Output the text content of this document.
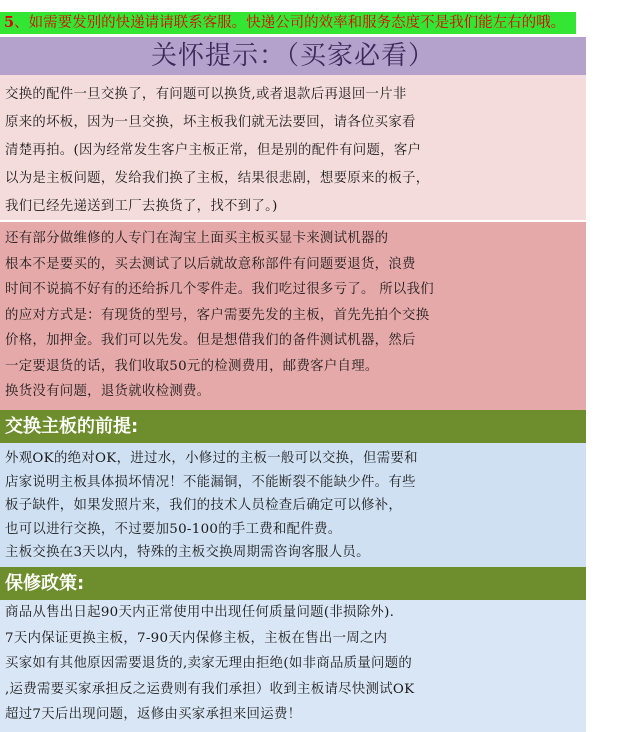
5、如需要发别的快递请请联系客服。快递公司的效率和服务态度不是我们能左右的哦。
关怀提示：（买家必看）
交换的配件一旦交换了，有问题可以换货,或者退款后再退回一片非
原来的坏板，因为一旦交换，坏主板我们就无法要回，请各位买家看
清楚再拍。(因为经常发生客户主板正常，但是别的配件有问题，客户
以为是主板问题，发给我们换了主板，结果很悲剧，想要原来的板子，
我们已经先递送到工厂去换货了，找不到了。)
还有部分做维修的人专门在淘宝上面买主板买显卡来测试机器的
根本不是要买的，买去测试了以后就故意称部件有问题要退货，浪费
时间不说搞不好有的还给拆几个零件走。我们吃过很多亏了。 所以我们
的应对方式是：有现货的型号，客户需要先发的主板，首先先拍个交换
价格，加押金。我们可以先发。但是想借我们的备件测试机器，然后
一定要退货的话，我们收取50元的检测费用，邮费客户自理。
换货没有问题，退货就收检测费。
交换主板的前提:
外观OK的绝对OK，进过水，小修过的主板一般可以交换，但需要和
店家说明主板具体损坏情况！不能漏铜，不能断裂不能缺少件。有些
板子缺件，如果发照片来，我们的技术人员检查后确定可以修补，
也可以进行交换，不过要加50-100的手工费和配件费。
主板交换在3天以内，特殊的主板交换周期需咨询客服人员。
保修政策:
商品从售出日起90天内正常使用中出现任何质量问题(非损除外).
7天内保证更换主板，7-90天内保修主板，主板在售出一周之内
买家如有其他原因需要退货的,卖家无理由拒绝(如非商品质量问题的
,运费需要买家承担反之运费则有我们承担）收到主板请尽快测试OK
超过7天后出现问题，返修由买家承担来回运费！
